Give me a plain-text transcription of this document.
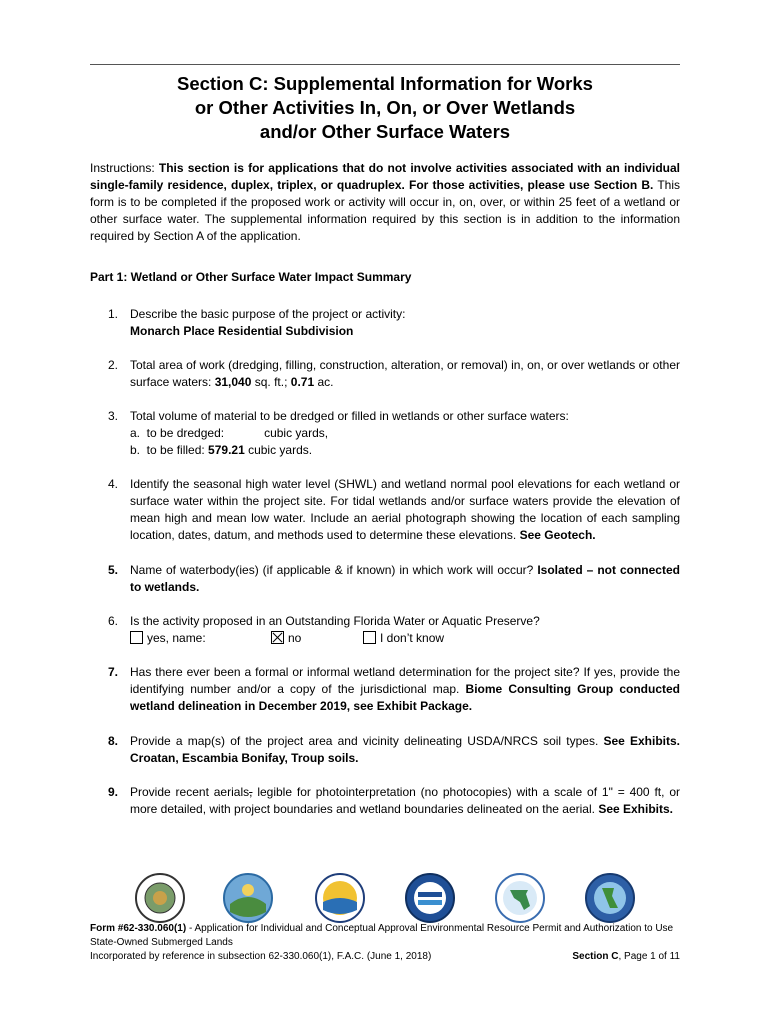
Section C: Supplemental Information for Works
or Other Activities In, On, or Over Wetlands
and/or Other Surface Waters
Instructions: This section is for applications that do not involve activities associated with an individual single-family residence, duplex, triplex, or quadruplex. For those activities, please use Section B. This form is to be completed if the proposed work or activity will occur in, on, over, or within 25 feet of a wetland or other surface water. The supplemental information required by this section is in addition to the information required by Section A of the application.
Part 1: Wetland or Other Surface Water Impact Summary
1. Describe the basic purpose of the project or activity:
Monarch Place Residential Subdivision
2. Total area of work (dredging, filling, construction, alteration, or removal) in, on, or over wetlands or other surface waters: 31,040 sq. ft.; 0.71 ac.
3. Total volume of material to be dredged or filled in wetlands or other surface waters:
a.  to be dredged:            cubic yards,
b.  to be filled: 579.21 cubic yards.
4. Identify the seasonal high water level (SHWL) and wetland normal pool elevations for each wetland or surface water within the project site. For tidal wetlands and/or surface waters provide the elevation of mean high and mean low water. Include an aerial photograph showing the location of each sampling location, dates, datum, and methods used to determine these elevations. See Geotech.
5. Name of waterbody(ies) (if applicable & if known) in which work will occur? Isolated – not connected to wetlands.
6. Is the activity proposed in an Outstanding Florida Water or Aquatic Preserve?
yes, name:	no	I don’t know
7. Has there ever been a formal or informal wetland determination for the project site? If yes, provide the identifying number and/or a copy of the jurisdictional map. Biome Consulting Group conducted wetland delineation in December 2019, see Exhibit Package.
8. Provide a map(s) of the project area and vicinity delineating USDA/NRCS soil types. See Exhibits. Croatan, Escambia Bonifay, Troup soils.
9. Provide recent aerials, legible for photointerpretation (no photocopies) with a scale of 1" = 400 ft, or more detailed, with project boundaries and wetland boundaries delineated on the aerial. See Exhibits.
Form #62-330.060(1) - Application for Individual and Conceptual Approval Environmental Resource Permit and Authorization to Use State-Owned Submerged Lands
Incorporated by reference in subsection 62-330.060(1), F.A.C. (June 1, 2018)	Section C, Page 1 of 11
